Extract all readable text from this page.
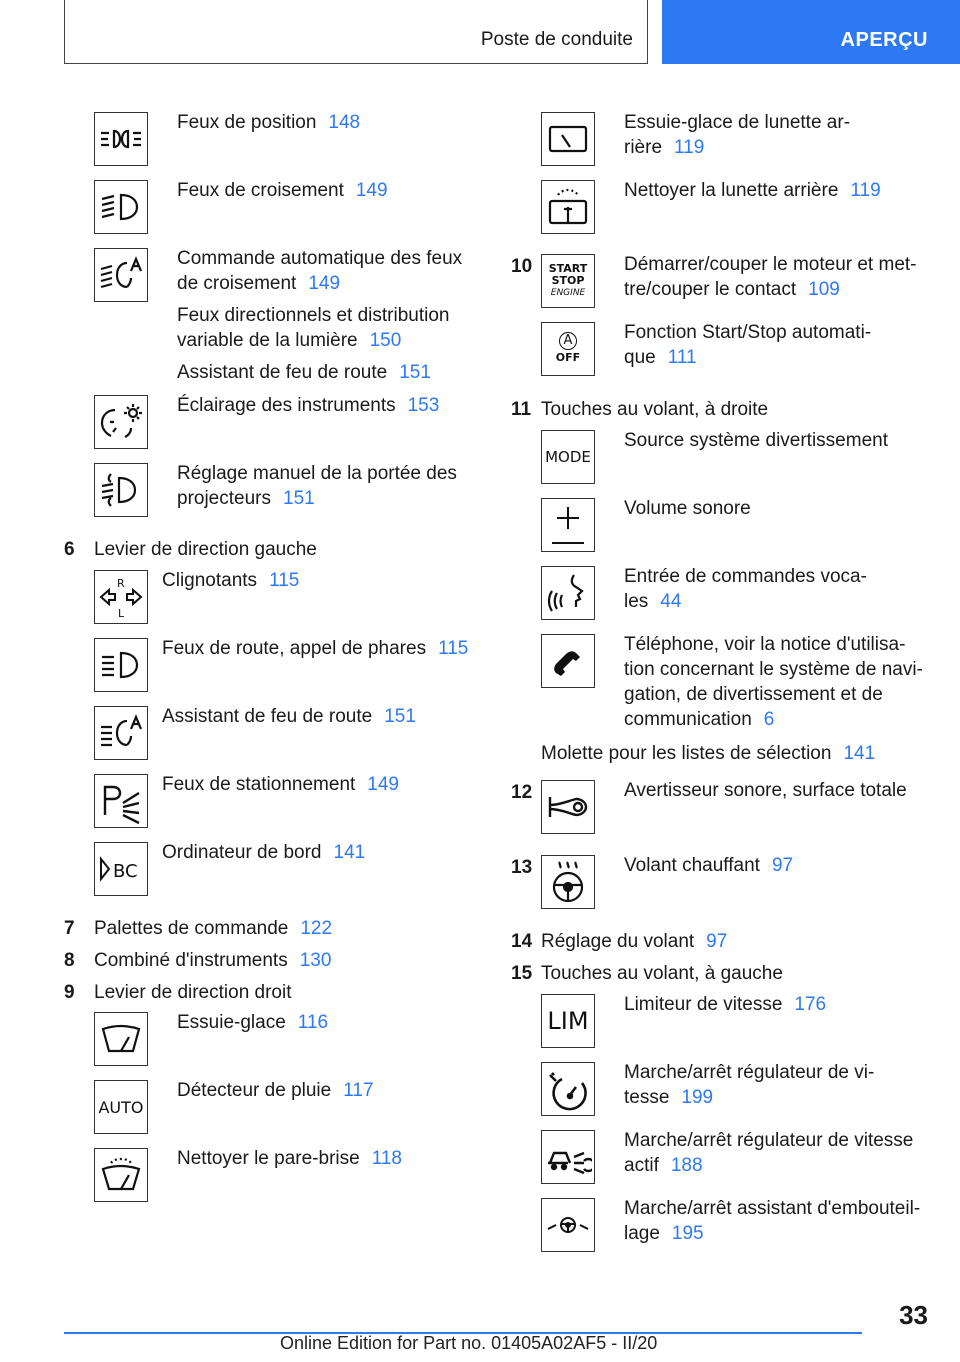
Poste de conduite	APERÇU
Feux de position 148
Feux de croisement 149
Commande automatique des feux
de croisement 149
Feux directionnels et distribution
variable de la lumière 150
Assistant de feu de route 151
Éclairage des instruments 153
Réglage manuel de la portée des
projecteurs 151
6 Levier de direction gauche
R
L
Clignotants 115
Feux de route, appel de phares 115
Assistant de feu de route 151
Feux de stationnement 149
BC
Ordinateur de bord 141
7 Palettes de commande 122
8 Combiné d'instruments 130
9 Levier de direction droit
Essuie-glace 116
AUTO
Détecteur de pluie 117
Nettoyer le pare-brise 118
Essuie-glace de lunette ar-
rière 119
Nettoyer la lunette arrière 119
10 START
STOP
ENGINE
Démarrer/couper le moteur et met-
tre/couper le contact 109
A
OFF
Fonction Start/Stop automati-
que 111
11 Touches au volant, à droite
MODE
Source système divertissement
Volume sonore
Entrée de commandes voca-
les 44
Téléphone, voir la notice d'utilisa-
tion concernant le système de navi-
gation, de divertissement et de
communication 6
Molette pour les listes de sélection 141
12	Avertisseur sonore, surface totale
13	Volant chauffant 97
14 Réglage du volant 97
15 Touches au volant, à gauche
LIM
Limiteur de vitesse 176
Marche/arrêt régulateur de vi-
tesse 199
Marche/arrêt régulateur de vitesse
actif 188
Marche/arrêt assistant d'embouteil-
lage 195
33
Online Edition for Part no. 01405A02AF5 - II/20
